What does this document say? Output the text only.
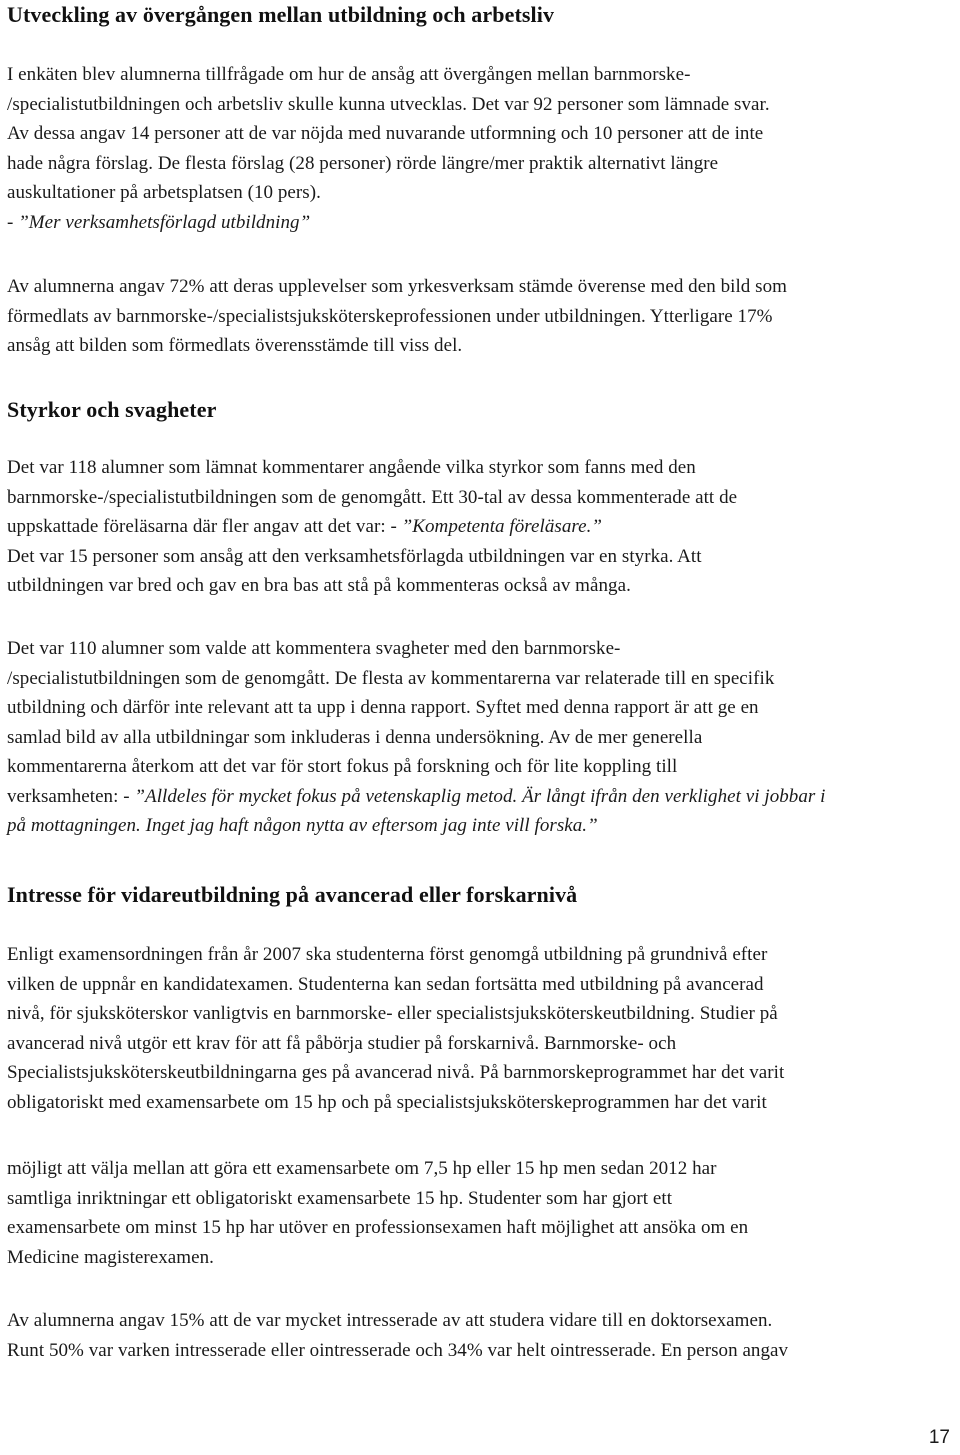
Utveckling av övergången mellan utbildning och arbetsliv

I enkäten blev alumnerna tillfrågade om hur de ansåg att övergången mellan barnmorske-
/specialistutbildningen och arbetsliv skulle kunna utvecklas. Det var 92 personer som lämnade svar.
Av dessa angav 14 personer att de var nöjda med nuvarande utformning och 10 personer att de inte
hade några förslag. De flesta förslag (28 personer) rörde längre/mer praktik alternativt längre
auskultationer på arbetsplatsen (10 pers).
- ”Mer verksamhetsförlagd utbildning”

Av alumnerna angav 72% att deras upplevelser som yrkesverksam stämde överense med den bild som
förmedlats av barnmorske-/specialistsjuksköterskeprofessionen under utbildningen. Ytterligare 17%
ansåg att bilden som förmedlats överensstämde till viss del.

Styrkor och svagheter

Det var 118 alumner som lämnat kommentarer angående vilka styrkor som fanns med den
barnmorske-/specialistutbildningen som de genomgått. Ett 30-tal av dessa kommenterade att de
uppskattade föreläsarna där fler angav att det var: - ”Kompetenta föreläsare.”
Det var 15 personer som ansåg att den verksamhetsförlagda utbildningen var en styrka. Att
utbildningen var bred och gav en bra bas att stå på kommenteras också av många.

Det var 110 alumner som valde att kommentera svagheter med den barnmorske-
/specialistutbildningen som de genomgått. De flesta av kommentarerna var relaterade till en specifik
utbildning och därför inte relevant att ta upp i denna rapport. Syftet med denna rapport är att ge en
samlad bild av alla utbildningar som inkluderas i denna undersökning. Av de mer generella
kommentarerna återkom att det var för stort fokus på forskning och för lite koppling till
verksamheten: - ”Alldeles för mycket fokus på vetenskaplig metod. Är långt ifrån den verklighet vi jobbar i
på mottagningen. Inget jag haft någon nytta av eftersom jag inte vill forska.”

Intresse för vidareutbildning på avancerad eller forskarnivå

Enligt examensordningen från år 2007 ska studenterna först genomgå utbildning på grundnivå efter
vilken de uppnår en kandidatexamen. Studenterna kan sedan fortsätta med utbildning på avancerad
nivå, för sjuksköterskor vanligtvis en barnmorske- eller specialistsjuksköterskeutbildning. Studier på
avancerad nivå utgör ett krav för att få påbörja studier på forskarnivå. Barnmorske- och
Specialistsjuksköterskeutbildningarna ges på avancerad nivå. På barnmorskeprogrammet har det varit
obligatoriskt med examensarbete om 15 hp och på specialistsjuksköterskeprogrammen har det varit

möjligt att välja mellan att göra ett examensarbete om 7,5 hp eller 15 hp men sedan 2012 har
samtliga inriktningar ett obligatoriskt examensarbete 15 hp. Studenter som har gjort ett
examensarbete om minst 15 hp har utöver en professionsexamen haft möjlighet att ansöka om en
Medicine magisterexamen.

Av alumnerna angav 15% att de var mycket intresserade av att studera vidare till en doktorsexamen.
Runt 50% var varken intresserade eller ointresserade och 34% var helt ointresserade. En person angav

17
